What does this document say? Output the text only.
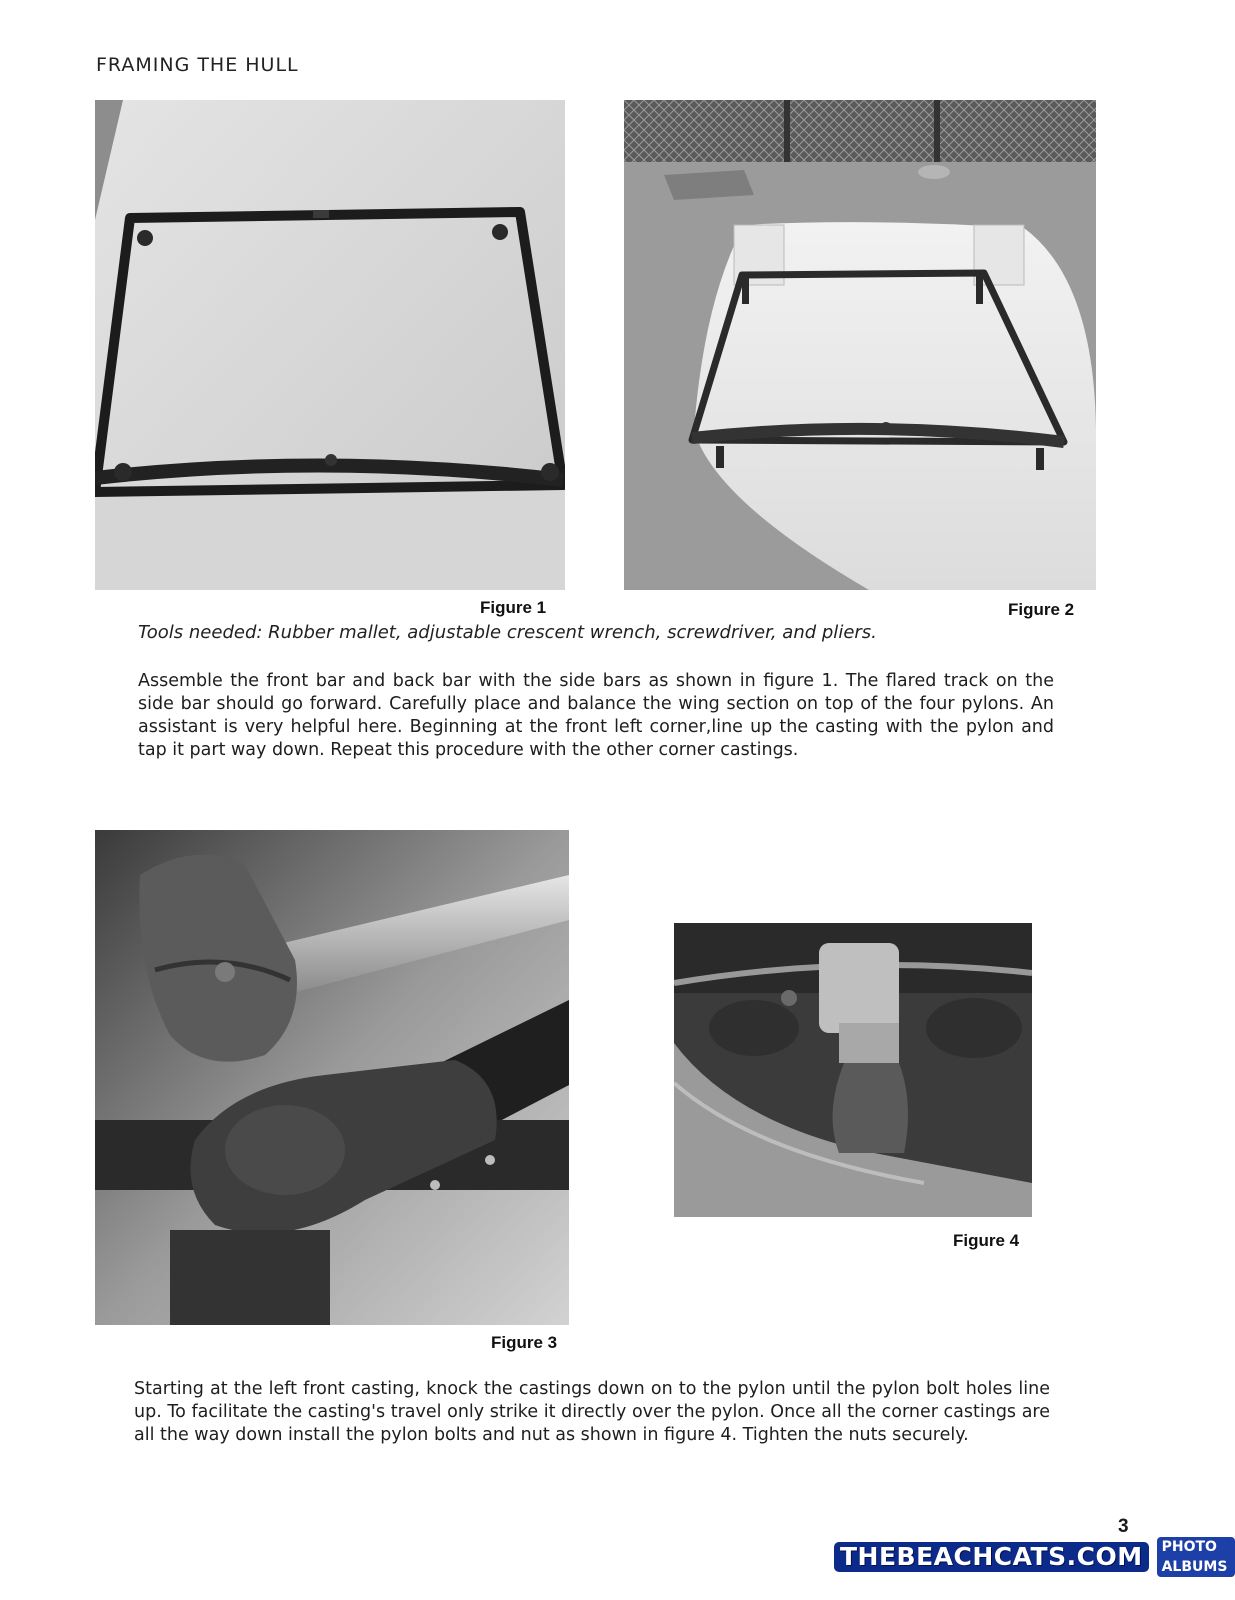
FRAMING THE HULL
Figure 1	Figure 2
Tools needed: Rubber mallet, adjustable crescent wrench, screwdriver, and pliers.
Assemble the front bar and back bar with the side bars as shown in figure 1. The flared track on the side bar should go forward. Carefully place and balance the wing section on top of the four pylons. An assistant is very helpful here. Beginning at the front left corner,line up the casting with the pylon and tap it part way down. Repeat this procedure with the other corner castings.
Figure 4
Figure 3
Starting at the left front casting, knock the castings down on to the pylon until the pylon bolt holes line up. To facilitate the casting's travel only strike it directly over the pylon. Once all the corner castings are all the way down install the pylon bolts and nut as shown in figure 4. Tighten the nuts securely.
3
THEBEACHCATS.COM	PHOTO ALBUMS
